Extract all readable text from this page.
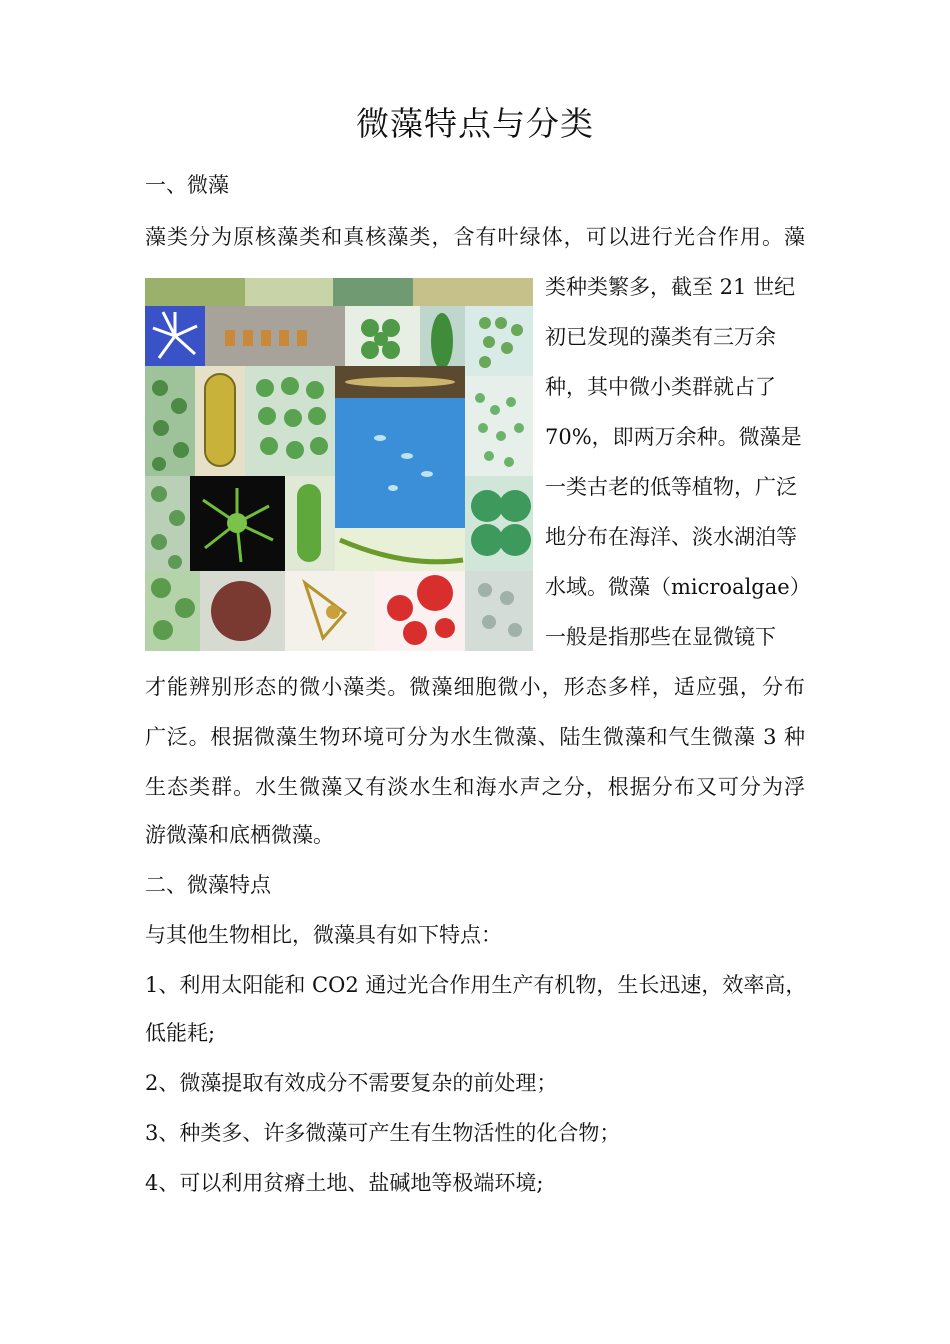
微藻特点与分类
一、微藻
藻类分为原核藻类和真核藻类，含有叶绿体，可以进行光合作用。藻
类种类繁多，截至 21 世纪
初已发现的藻类有三万余
种，其中微小类群就占了
70%，即两万余种。微藻是
一类古老的低等植物，广泛
地分布在海洋、淡水湖泊等
水域。微藻（microalgae）
一般是指那些在显微镜下
才能辨别形态的微小藻类。微藻细胞微小，形态多样，适应强，分布
广泛。根据微藻生物环境可分为水生微藻、陆生微藻和气生微藻 3 种
生态类群。水生微藻又有淡水生和海水声之分，根据分布又可分为浮
游微藻和底栖微藻。
二、微藻特点
与其他生物相比，微藻具有如下特点：
1、利用太阳能和 CO2 通过光合作用生产有机物，生长迅速，效率高，
低能耗;
2、微藻提取有效成分不需要复杂的前处理；
3、种类多、许多微藻可产生有生物活性的化合物；
4、可以利用贫瘠土地、盐碱地等极端环境;
